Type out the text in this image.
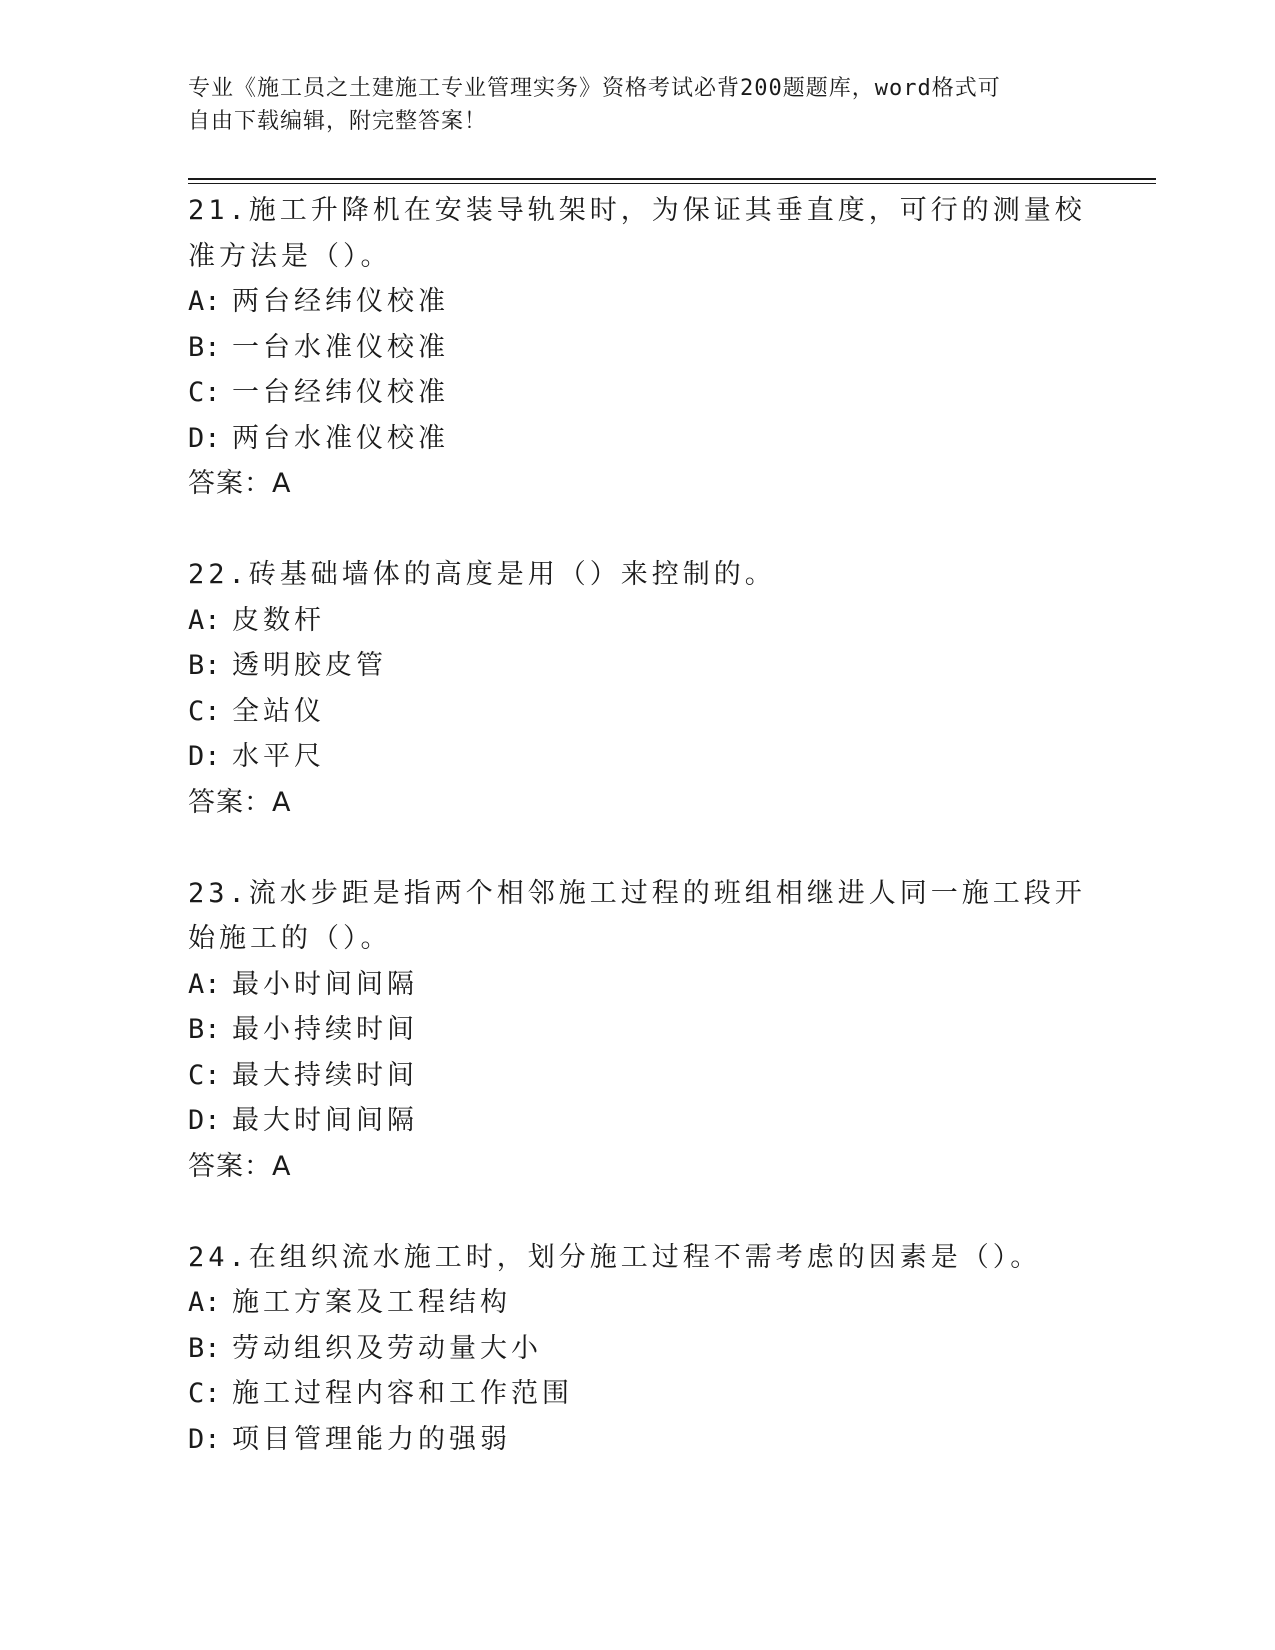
专业《施工员之土建施工专业管理实务》资格考试必背200题题库，word格式可
自由下载编辑，附完整答案！

21.施工升降机在安装导轨架时，为保证其垂直度，可行的测量校准方法是（）。

A: 两台经纬仪校准

B: 一台水准仪校准

C: 一台经纬仪校准

D: 两台水准仪校准

答案：A

22.砖基础墙体的高度是用（）来控制的。

A: 皮数杆

B: 透明胶皮管

C: 全站仪

D: 水平尺

答案：A

23.流水步距是指两个相邻施工过程的班组相继进人同一施工段开始施工的（）。

A: 最小时间间隔

B: 最小持续时间

C: 最大持续时间

D: 最大时间间隔

答案：A

24.在组织流水施工时，划分施工过程不需考虑的因素是（）。

A: 施工方案及工程结构

B: 劳动组织及劳动量大小

C: 施工过程内容和工作范围

D: 项目管理能力的强弱
